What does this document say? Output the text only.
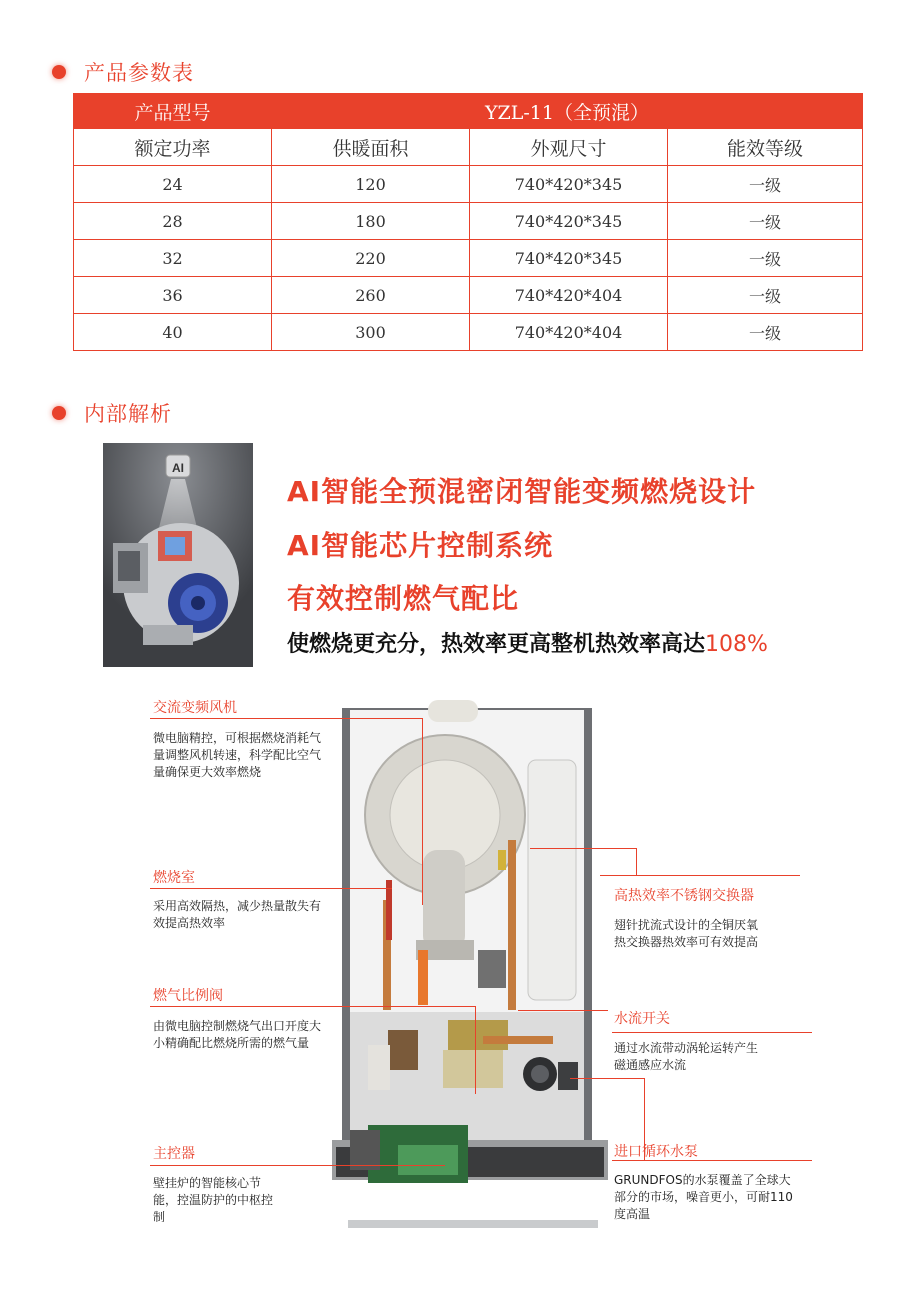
产品参数表
产品型号	YZL-11（全预混）		
额定功率	供暖面积	外观尺寸	能效等级
24	120	740*420*345	一级
28	180	740*420*345	一级
32	220	740*420*345	一级
36	260	740*420*404	一级
40	300	740*420*404	一级
内部解析
AI
AI智能全预混密闭智能变频燃烧设计
AI智能芯片控制系统
有效控制燃气配比
使燃烧更充分，热效率更高整机热效率高达108%
交流变频风机
微电脑精控，可根据燃烧消耗气量调整风机转速，科学配比空气量确保更大效率燃烧
燃烧室
采用高效隔热，减少热量散失有效提高热效率
燃气比例阀
由微电脑控制燃烧气出口开度大小精确配比燃烧所需的燃气量
主控器
壁挂炉的智能核心节能，控温防护的中枢控制
高热效率不锈钢交换器
翅针扰流式设计的全铜厌氧热交换器热效率可有效提高
水流开关
通过水流带动涡轮运转产生磁通感应水流
进口循环水泵
GRUNDFOS的水泵覆盖了全球大部分的市场，噪音更小，可耐110度高温
